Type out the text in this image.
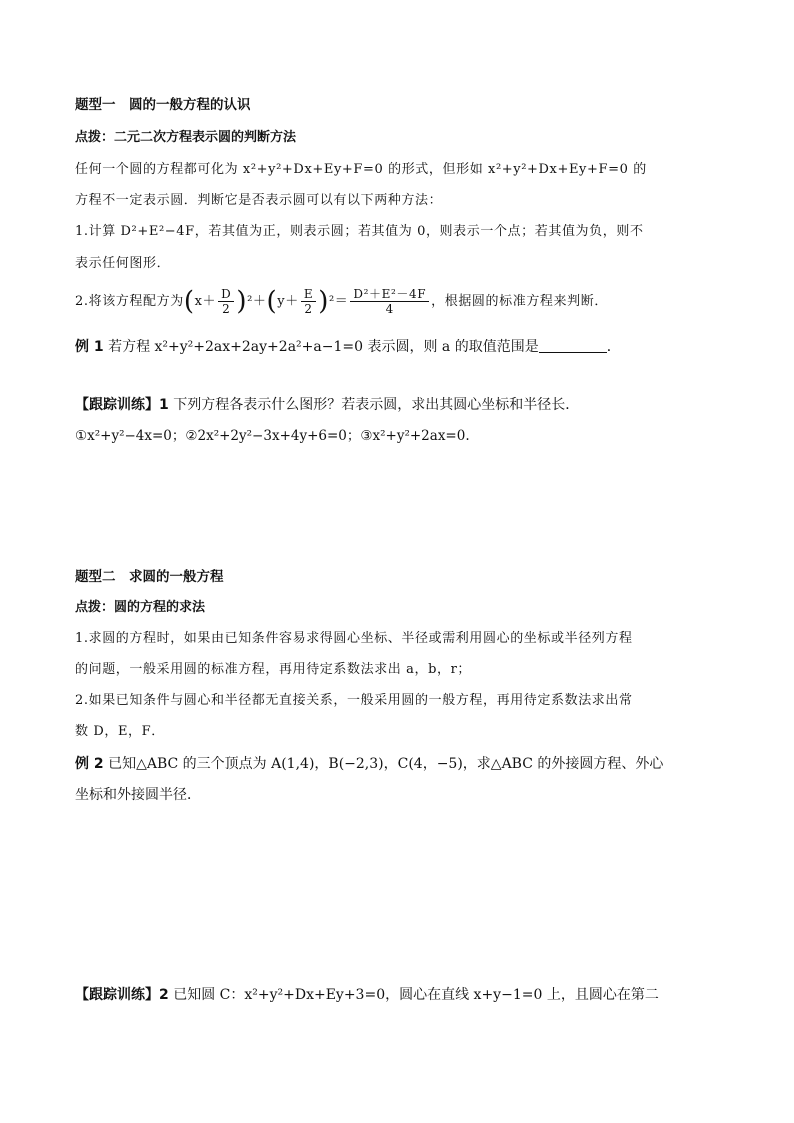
题型一　圆的一般方程的认识
点拨：二元二次方程表示圆的判断方法
任何一个圆的方程都可化为 x²+y²+Dx+Ey+F=0 的形式，但形如 x²+y²+Dx+Ey+F=0 的
方程不一定表示圆．判断它是否表示圆可以有以下两种方法：
1.计算 D²+E²−4F，若其值为正，则表示圆；若其值为 0，则表示一个点；若其值为负，则不
表示任何图形．
2.将该方程配方为$(x+ \frac{D}{2} )^2+(y+ \frac{E}{2} )^2= \frac{\text{D²＋E²－4F}}{4}$ ，根据圆的标准方程来判断．
例 1 若方程 x²+y²+2ax+2ay+2a²+a−1=0 表示圆，则 a 的取值范围是	．
【跟踪训练】1 下列方程各表示什么图形？若表示圆，求出其圆心坐标和半径长．
①x²+y²−4x=0；②2x²+2y²−3x+4y+6=0；③x²+y²+2ax=0.
题型二　求圆的一般方程
点拨：圆的方程的求法
1.求圆的方程时，如果由已知条件容易求得圆心坐标、半径或需利用圆心的坐标或半径列方程
的问题，一般采用圆的标准方程，再用待定系数法求出 a，b，r；
2.如果已知条件与圆心和半径都无直接关系，一般采用圆的一般方程，再用待定系数法求出常
数 D，E，F．
例 2 已知△ABC 的三个顶点为 A(1,4)，B(−2,3)，C(4，−5)，求△ABC 的外接圆方程、外心
坐标和外接圆半径．
【跟踪训练】2 已知圆 C：x²+y²+Dx+Ey+3=0，圆心在直线 x+y−1=0 上，且圆心在第二
